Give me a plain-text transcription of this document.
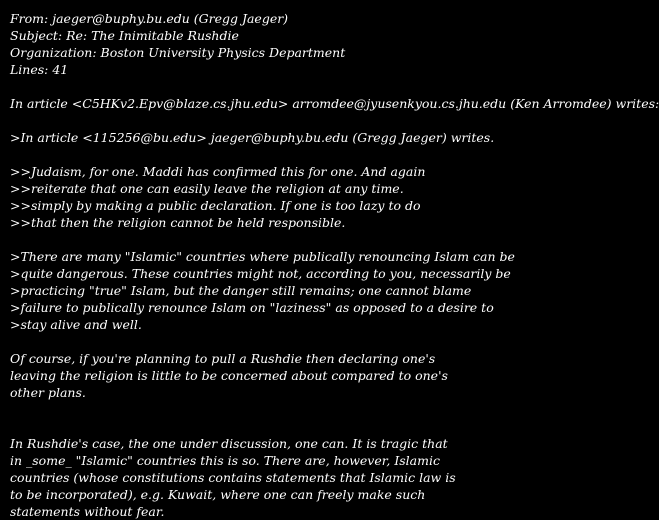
From: jaeger@buphy.bu.edu (Gregg Jaeger)
Subject: Re: The Inimitable Rushdie
Organization: Boston University Physics Department
Lines: 41
In article <C5HKv2.Epv@blaze.cs.jhu.edu> arromdee@jyusenkyou.cs.jhu.edu (Ken Arromdee) writes:
>In article <115256@bu.edu> jaeger@buphy.bu.edu (Gregg Jaeger) writes.
>>Judaism, for one. Maddi has confirmed this for one. And again
>>reiterate that one can easily leave the religion at any time.
>>simply by making a public declaration. If one is too lazy to do
>>that then the religion cannot be held responsible.
>There are many "Islamic" countries where publically renouncing Islam can be
>quite dangerous. These countries might not, according to you, necessarily be
>practicing "true" Islam, but the danger still remains; one cannot blame
>failure to publically renounce Islam on "laziness" as opposed to a desire to
>stay alive and well.
Of course, if you're planning to pull a Rushdie then declaring one's
leaving the religion is little to be concerned about compared to one's
other plans.
In Rushdie's case, the one under discussion, one can. It is tragic that
in _some_ "Islamic" countries this is so. There are, however, Islamic
countries (whose constitutions contains statements that Islamic law is
to be incorporated), e.g. Kuwait, where one can freely make such
statements without fear.
